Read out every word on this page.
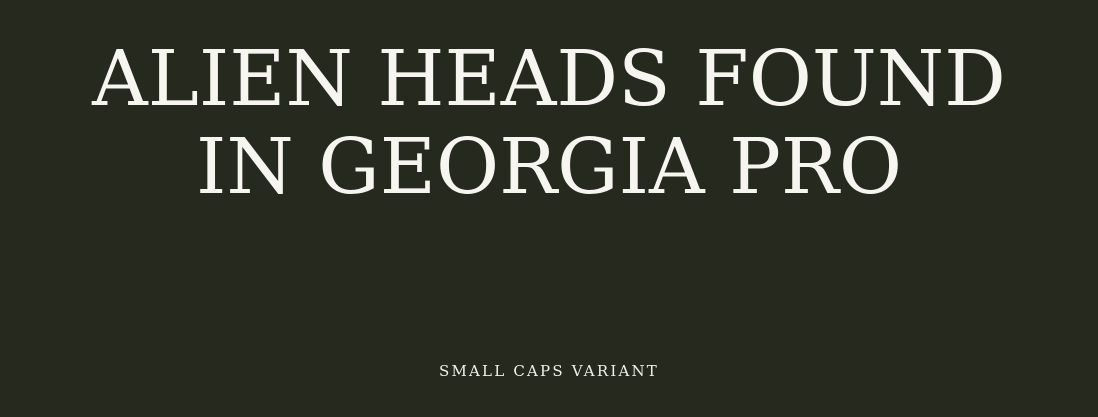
ALIEN HEADS FOUND
IN GEORGIA PRO
SMALL CAPS VARIANT
